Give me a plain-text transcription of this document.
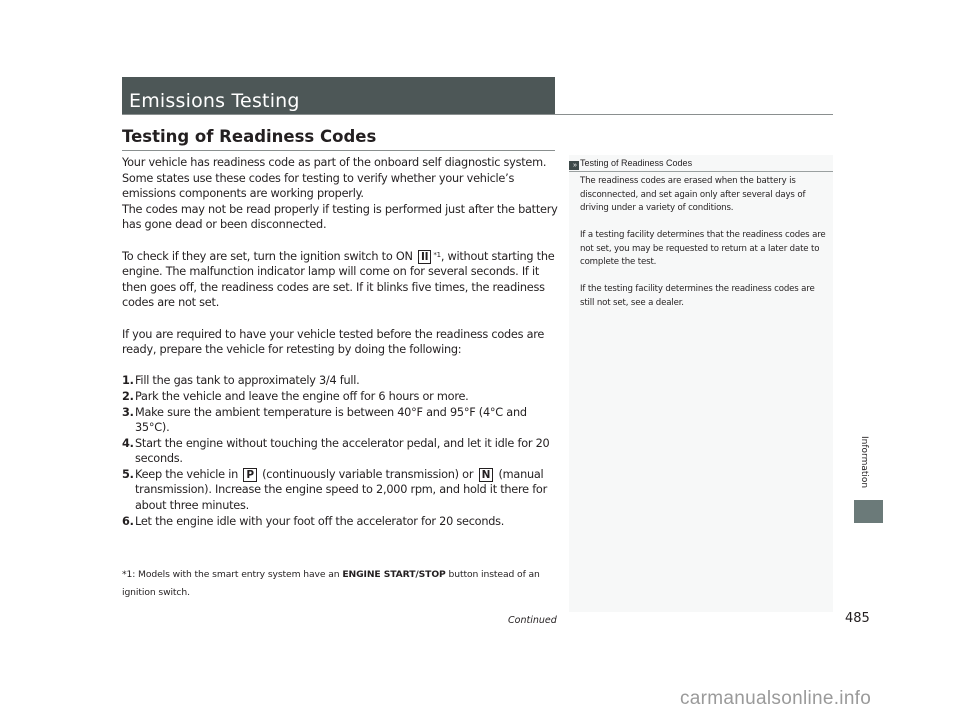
Emissions Testing
Testing of Readiness Codes

Your vehicle has readiness code as part of the onboard self diagnostic system. Some states use these codes for testing to verify whether your vehicle’s emissions components are working properly.

The codes may not be read properly if testing is performed just after the battery has gone dead or been disconnected.

To check if they are set, turn the ignition switch to ON II $^{*1}$, without starting the engine. The malfunction indicator lamp will come on for several seconds. If it then goes off, the readiness codes are set. If it blinks five times, the readiness codes are not set.

If you are required to have your vehicle tested before the readiness codes are ready, prepare the vehicle for retesting by doing the following:

1. Fill the gas tank to approximately 3/4 full.
2. Park the vehicle and leave the engine off for 6 hours or more.
3. Make sure the ambient temperature is between 40°F and 95°F (4°C and 35°C).
4. Start the engine without touching the accelerator pedal, and let it idle for 20 seconds.
5. Keep the vehicle in P (continuously variable transmission) or N (manual transmission). Increase the engine speed to 2,000 rpm, and hold it there for about three minutes.
6. Let the engine idle with your foot off the accelerator for 20 seconds.
*1: Models with the smart entry system have an ENGINE START/STOP button instead of an ignition switch.
Continued
» Testing of Readiness Codes

The readiness codes are erased when the battery is disconnected, and set again only after several days of driving under a variety of conditions.

If a testing facility determines that the readiness codes are not set, you may be requested to return at a later date to complete the test.

If the testing facility determines the readiness codes are still not set, see a dealer.

485
Information
carmanualsonline.info
